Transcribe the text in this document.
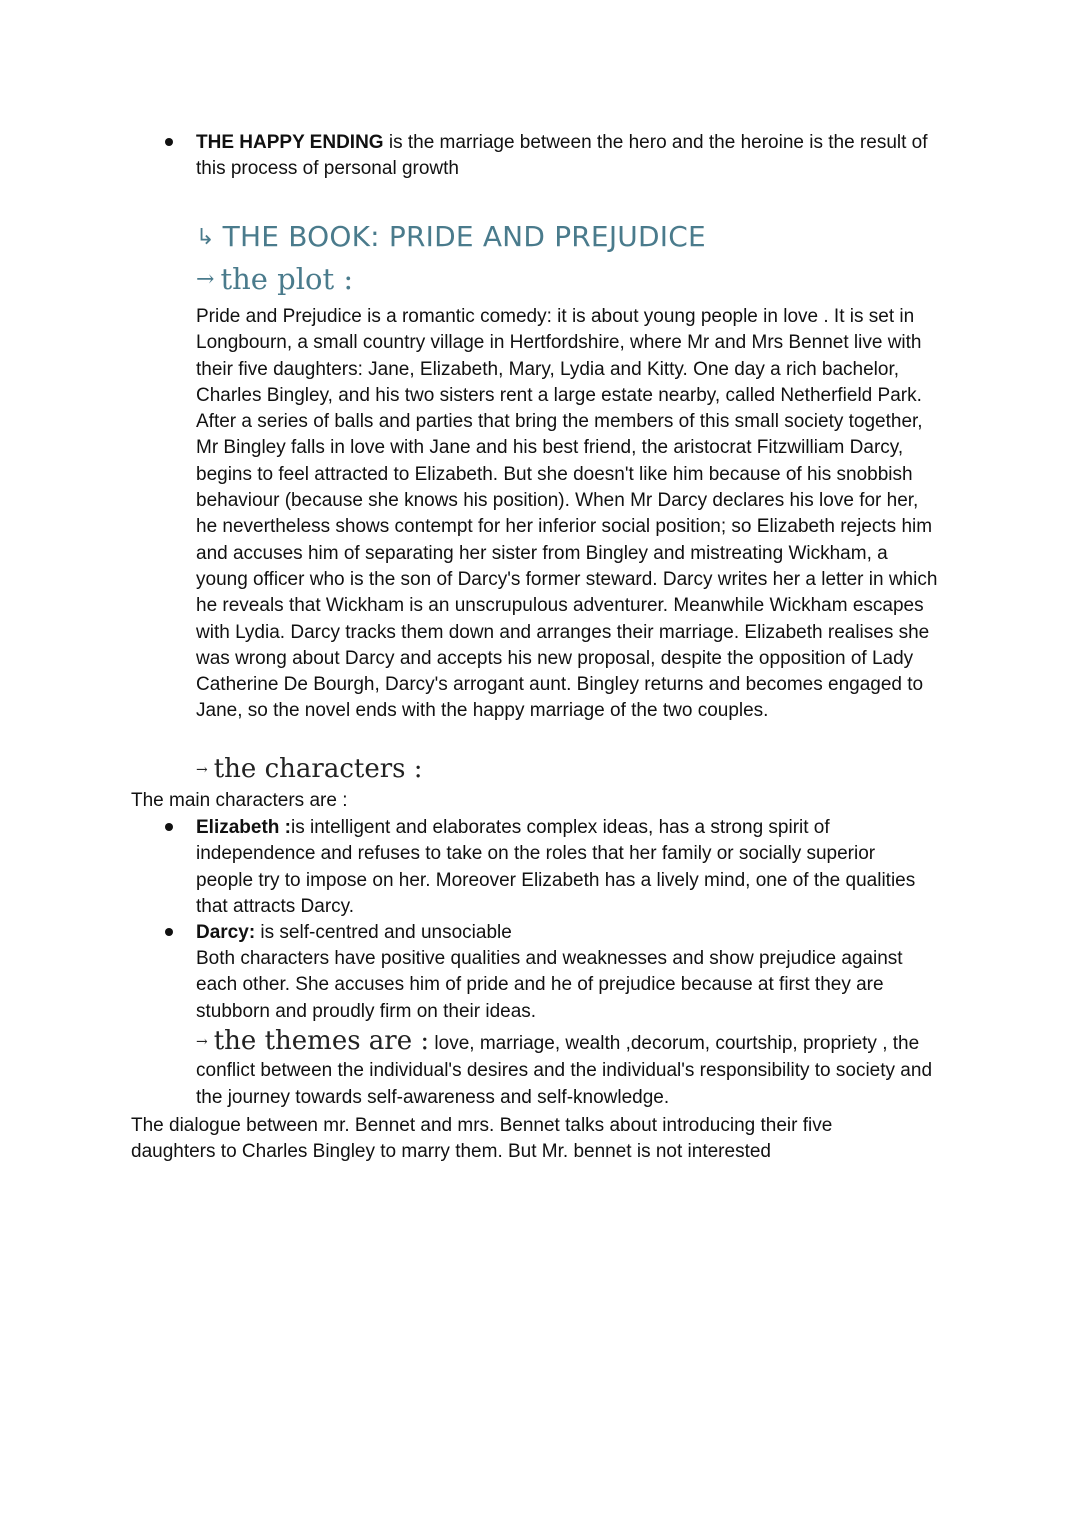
THE HAPPY ENDING is the marriage between the hero and the heroine is the result of this process of personal growth
↳ THE BOOK: PRIDE AND PREJUDICE
→ the plot :
Pride and Prejudice is a romantic comedy: it is about young people in love . It is set in Longbourn, a small country village in Hertfordshire, where Mr and Mrs Bennet live with their five daughters: Jane, Elizabeth, Mary, Lydia and Kitty. One day a rich bachelor, Charles Bingley, and his two sisters rent a large estate nearby, called Netherfield Park. After a series of balls and parties that bring the members of this small society together, Mr Bingley falls in love with Jane and his best friend, the aristocrat Fitzwilliam Darcy, begins to feel attracted to Elizabeth. But she doesn't like him because of his snobbish behaviour (because she knows his position). When Mr Darcy declares his love for her, he nevertheless shows contempt for her inferior social position; so Elizabeth rejects him and accuses him of separating her sister from Bingley and mistreating Wickham, a young officer who is the son of Darcy's former steward. Darcy writes her a letter in which he reveals that Wickham is an unscrupulous adventurer. Meanwhile Wickham escapes with Lydia. Darcy tracks them down and arranges their marriage. Elizabeth realises she was wrong about Darcy and accepts his new proposal, despite the opposition of Lady Catherine De Bourgh, Darcy's arrogant aunt. Bingley returns and becomes engaged to Jane, so the novel ends with the happy marriage of the two couples.
→ the characters :
The main characters are :
Elizabeth :is intelligent and elaborates complex ideas, has a strong spirit of independence and refuses to take on the roles that her family or socially superior people try to impose on her. Moreover Elizabeth has a lively mind, one of the qualities that attracts Darcy.
Darcy: is self-centred and unsociable
Both characters have positive qualities and weaknesses and show prejudice against each other. She accuses him of pride and he of prejudice because at first they are stubborn and proudly firm on their ideas.
→ the themes are : love, marriage, wealth ,decorum, courtship, propriety , the conflict between the individual's desires and the individual's responsibility to society and the journey towards self-awareness and self-knowledge.
The dialogue between mr. Bennet and mrs. Bennet talks about introducing their five daughters to Charles Bingley to marry them. But Mr. bennet is not interested
